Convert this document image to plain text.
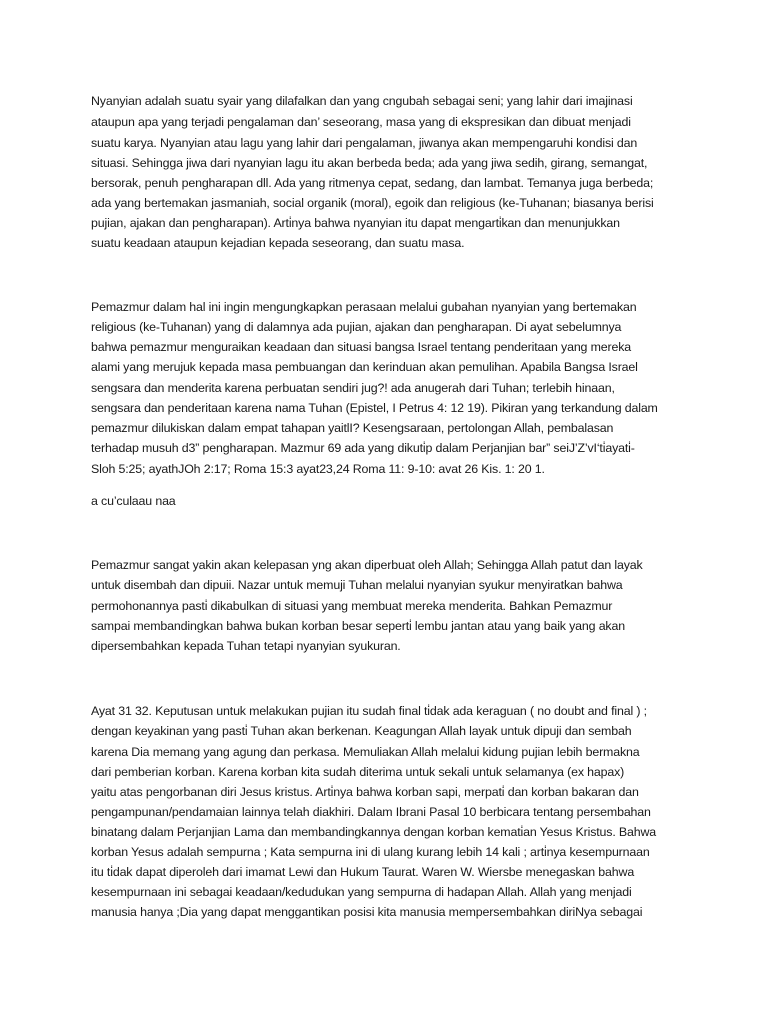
Nyanyian adalah suatu syair yang dilafalkan dan yang cngubah sebagai seni; yang lahir dari imajinasi
ataupun apa yang terjadi pengalaman dan’ seseorang, masa yang di ekspresikan dan dibuat menjadi
suatu karya. Nyanyian atau lagu yang lahir dari pengalaman, jiwanya akan mempengaruhi kondisi dan
situasi. Sehingga jiwa dari nyanyian lagu itu akan berbeda beda; ada yang jiwa sedih, girang, semangat,
bersorak, penuh pengharapan dll. Ada yang ritmenya cepat, sedang, dan lambat. Temanya juga berbeda;
ada yang bertemakan jasmaniah, social organik (moral), egoik dan religious (ke-Tuhanan; biasanya berisi
pujian, ajakan dan pengharapan). Arti̇nya bahwa nyanyian itu dapat mengarti̇kan dan menunjukkan
suatu keadaan ataupun kejadian kepada seseorang, dan suatu masa.
Pemazmur dalam hal ini ingin mengungkapkan perasaan melalui gubahan nyanyian yang bertemakan
religious (ke-Tuhanan) yang di dalamnya ada pujian, ajakan dan pengharapan. Di ayat sebelumnya
bahwa pemazmur menguraikan keadaan dan situasi bangsa Israel tentang penderitaan yang mereka
alami yang merujuk kepada masa pembuangan dan kerinduan akan pemulihan. Apabila Bangsa Israel
sengsara dan menderita karena perbuatan sendiri jug?! ada anugerah dari Tuhan; terlebih hinaan,
sengsara dan penderitaan karena nama Tuhan (Epistel, I Petrus 4: 12 19). Pikiran yang terkandung dalam
pemazmur dilukiskan dalam empat tahapan yaitlI? Kesengsaraan, pertolongan Allah, pembalasan
terhadap musuh d3” pengharapan. Mazmur 69 ada yang dikuti̇p dalam Perjanjian bar” seiJ’Z’vI‘ti̇ayati̇-
Sloh 5:25; ayathJOh 2:17; Roma 15:3 ayat23,24 Roma 11: 9-10: avat 26 Kis. 1: 20 1.
a cu’culaau naa
Pemazmur sangat yakin akan kelepasan yng akan diperbuat oleh Allah; Sehingga Allah patut dan layak
untuk disembah dan dipuii. Nazar untuk memuji Tuhan melalui nyanyian syukur menyiratkan bahwa
permohonannya pasti̇ dikabulkan di situasi yang membuat mereka menderita. Bahkan Pemazmur
sampai membandingkan bahwa bukan korban besar seperti̇ lembu jantan atau yang baik yang akan
dipersembahkan kepada Tuhan tetapi nyanyian syukuran.
Ayat 31 32. Keputusan untuk melakukan pujian itu sudah final ti̇dak ada keraguan ( no doubt and final ) ;
dengan keyakinan yang pasti̇ Tuhan akan berkenan. Keagungan Allah layak untuk dipuji dan sembah
karena Dia memang yang agung dan perkasa. Memuliakan Allah melalui kidung pujian lebih bermakna
dari pemberian korban. Karena korban kita sudah diterima untuk sekali untuk selamanya (ex hapax)
yaitu atas pengorbanan diri Jesus kristus. Arti̇nya bahwa korban sapi, merpati̇ dan korban bakaran dan
pengampunan/pendamaian lainnya telah diakhiri. Dalam Ibrani Pasal 10 berbicara tentang persembahan
binatang dalam Perjanjian Lama dan membandingkannya dengan korban kemati̇an Yesus Kristus. Bahwa
korban Yesus adalah sempurna ; Kata sempurna ini di ulang kurang lebih 14 kali ; arti̇nya kesempurnaan
itu ti̇dak dapat diperoleh dari imamat Lewi dan Hukum Taurat. Waren W. Wiersbe menegaskan bahwa
kesempurnaan ini sebagai keadaan/kedudukan yang sempurna di hadapan Allah. Allah yang menjadi
manusia hanya ;Dia yang dapat menggantikan posisi kita manusia mempersembahkan diriNya sebagai
